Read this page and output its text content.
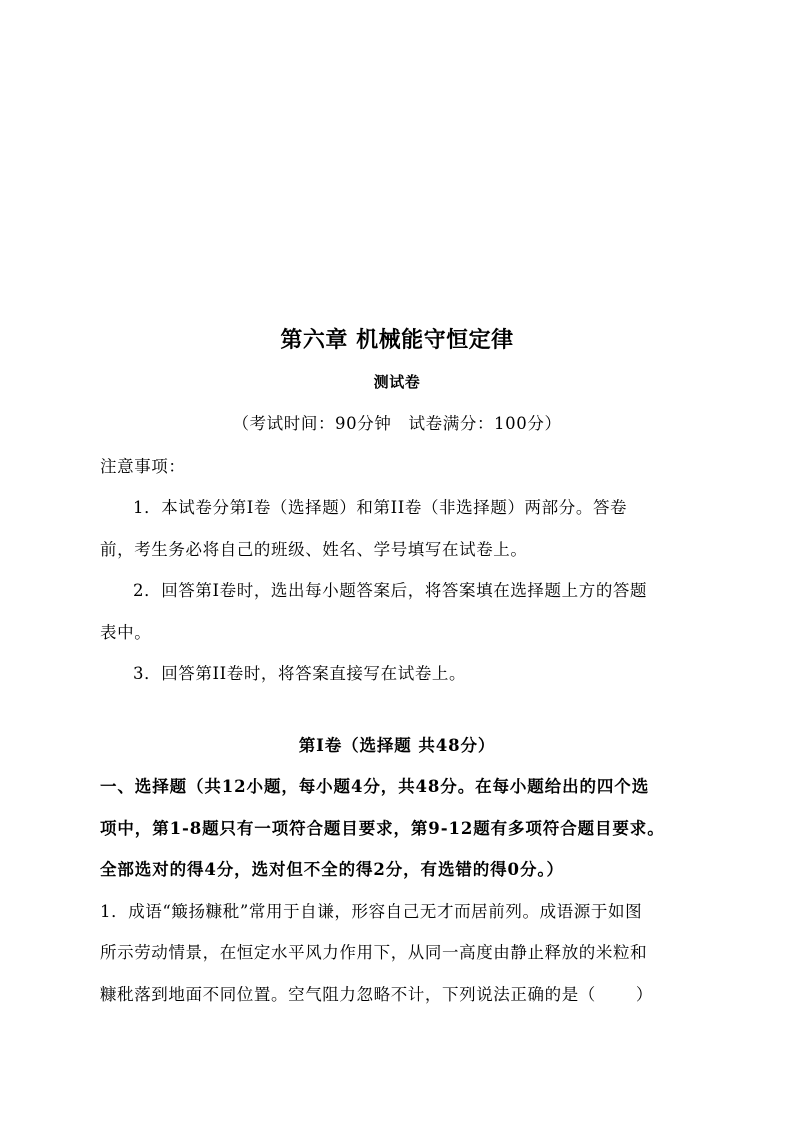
第六章 机械能守恒定律
测试卷
（考试时间：90分钟　试卷满分：100分）
注意事项：
1．本试卷分第Ⅰ卷（选择题）和第ⅠⅠ卷（非选择题）两部分。答卷
前，考生务必将自己的班级、姓名、学号填写在试卷上。
2．回答第Ⅰ卷时，选出每小题答案后，将答案填在选择题上方的答题
表中。
3．回答第ⅠⅠ卷时，将答案直接写在试卷上。
第Ⅰ卷（选择题 共48分）
一、选择题（共12小题，每小题4分，共48分。在每小题给出的四个选
项中，第1-8题只有一项符合题目要求，第9-12题有多项符合题目要求。
全部选对的得4分，选对但不全的得2分，有选错的得0分。）
1．成语“簸扬糠秕”常用于自谦，形容自己无才而居前列。成语源于如图
所示劳动情景，在恒定水平风力作用下，从同一高度由静止释放的米粒和
糠秕落到地面不同位置。空气阻力忽略不计，下列说法正确的是（ ）
